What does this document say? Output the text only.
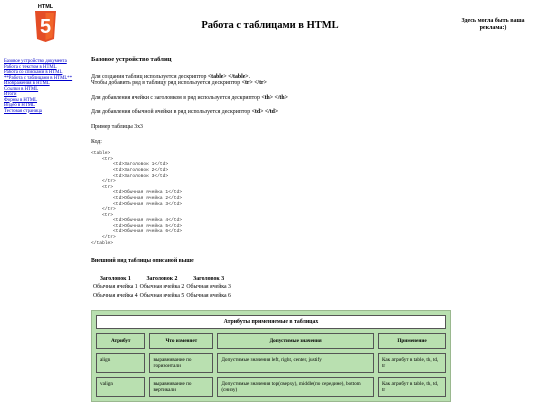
HTML
5	Работа с таблицами в HTML	Здесь могла быть ваша реклама:)
Базовое устройство документа
Работа с текстом в HTML
Работа со списками в HTML
**Работа с таблицами в HTML**
Изображения в HTML
Ссылки в HTML
Итоги
Формы в HTML
Видео в HTML
Тестовая страница
Базовое устройство таблиц

Для создания таблиц используется дескриптор <table> </table>.
Чтобы добавить ряд в таблицу ряд используется дескриптор <tr> </tr>

Для добавления ячейки с заголовком в ряд используется дескриптор <th> </th>

Для добавления обычной ячейки в ряд используется дескриптор <td> </td>

Пример таблицы 3x3

Код:

<table>
<tr>
<td>Заголовок 1</td>
<td>Заголовок 2</td>
<td>Заголовок 3</td>
</tr>
<tr>
<td>Обычная ячейка 1</td>
<td>Обычная ячейка 2</td>
<td>Обычная ячейка 3</td>
</tr>
<tr>
<td>Обычная ячейка 4</td>
<td>Обычная ячейка 5</td>
<td>Обычная ячейка 6</td>
</tr>
</table>
Внешний вид таблицы описаной выше
Заголовок 1	Заголовок 2	Заголовок 3
Обычная ячейка 1	Обычная ячейка 2	Обычная ячейка 3
Обычная ячейка 4	Обычная ячейка 5	Обычная ячейка 6
Атрибуты применяемые в таблицах			
Атрибут	Что изменяет	Допустимые значения	Применение
align	выравнивание по горизонтали	Допустимые значения left, right, center, justify	Как атрибут в table, th, td, tr
valign	выравнивание по вертикали	Допустимые значения top(сверху), middle(по середине), bottom (снизу)	Как атрибут в table, th, td, tr
